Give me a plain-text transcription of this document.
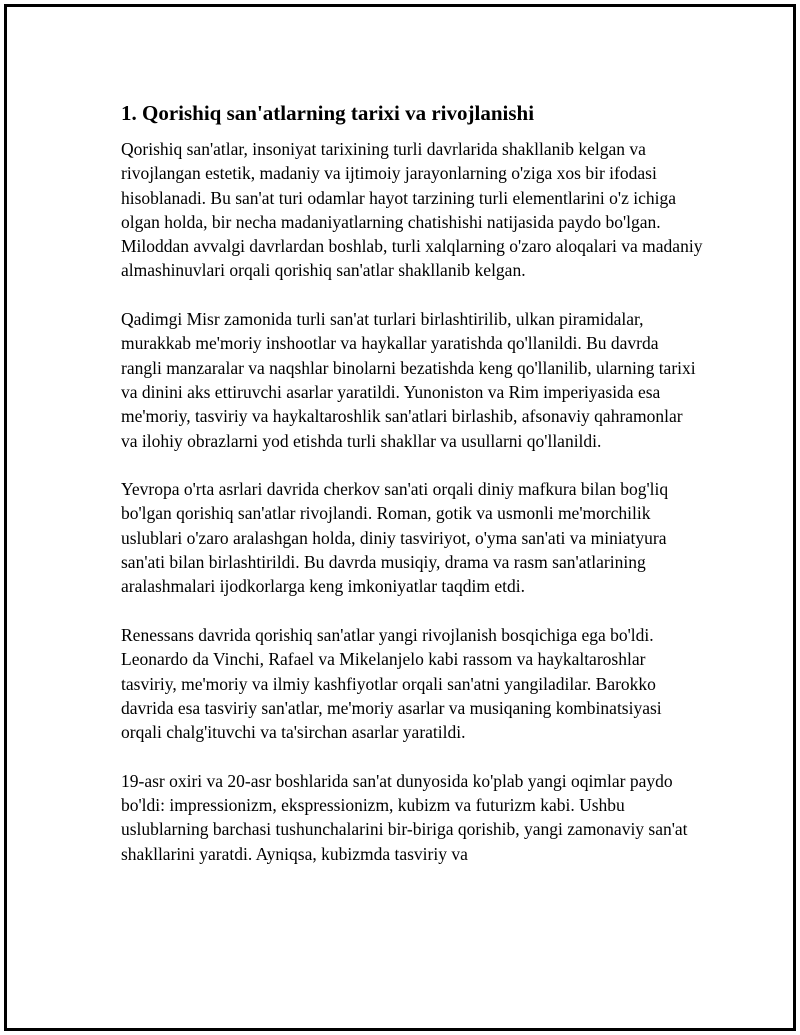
1. Qorishiq san'atlarning tarixi va rivojlanishi

Qorishiq san'atlar, insoniyat tarixining turli davrlarida shakllanib kelgan va rivojlangan estetik, madaniy va ijtimoiy jarayonlarning o'ziga xos bir ifodasi hisoblanadi. Bu san'at turi odamlar hayot tarzining turli elementlarini o'z ichiga olgan holda, bir necha madaniyatlarning chatishishi natijasida paydo bo'lgan. Miloddan avvalgi davrlardan boshlab, turli xalqlarning o'zaro aloqalari va madaniy almashinuvlari orqali qorishiq san'atlar shakllanib kelgan.

Qadimgi Misr zamonida turli san'at turlari birlashtirilib, ulkan piramidalar, murakkab me'moriy inshootlar va haykallar yaratishda qo'llanildi. Bu davrda rangli manzaralar va naqshlar binolarni bezatishda keng qo'llanilib, ularning tarixi va dinini aks ettiruvchi asarlar yaratildi. Yunoniston va Rim imperiyasida esa me'moriy, tasviriy va haykaltaroshlik san'atlari birlashib, afsonaviy qahramonlar va ilohiy obrazlarni yod etishda turli shakllar va usullarni qo'llanildi.

Yevropa o'rta asrlari davrida cherkov san'ati orqali diniy mafkura bilan bog'liq bo'lgan qorishiq san'atlar rivojlandi. Roman, gotik va usmonli me'morchilik uslublari o'zaro aralashgan holda, diniy tasviriyot, o'yma san'ati va miniatyura san'ati bilan birlashtirildi. Bu davrda musiqiy, drama va rasm san'atlarining aralashmalari ijodkorlarga keng imkoniyatlar taqdim etdi.

Renessans davrida qorishiq san'atlar yangi rivojlanish bosqichiga ega bo'ldi. Leonardo da Vinchi, Rafael va Mikelanjelo kabi rassom va haykaltaroshlar tasviriy, me'moriy va ilmiy kashfiyotlar orqali san'atni yangiladilar. Barokko davrida esa tasviriy san'atlar, me'moriy asarlar va musiqaning kombinatsiyasi orqali chalg'ituvchi va ta'sirchan asarlar yaratildi.

19-asr oxiri va 20-asr boshlarida san'at dunyosida ko'plab yangi oqimlar paydo bo'ldi: impressionizm, ekspressionizm, kubizm va futurizm kabi. Ushbu uslublarning barchasi tushunchalarini bir-biriga qorishib, yangi zamonaviy san'at shakllarini yaratdi. Ayniqsa, kubizmda tasviriy va
